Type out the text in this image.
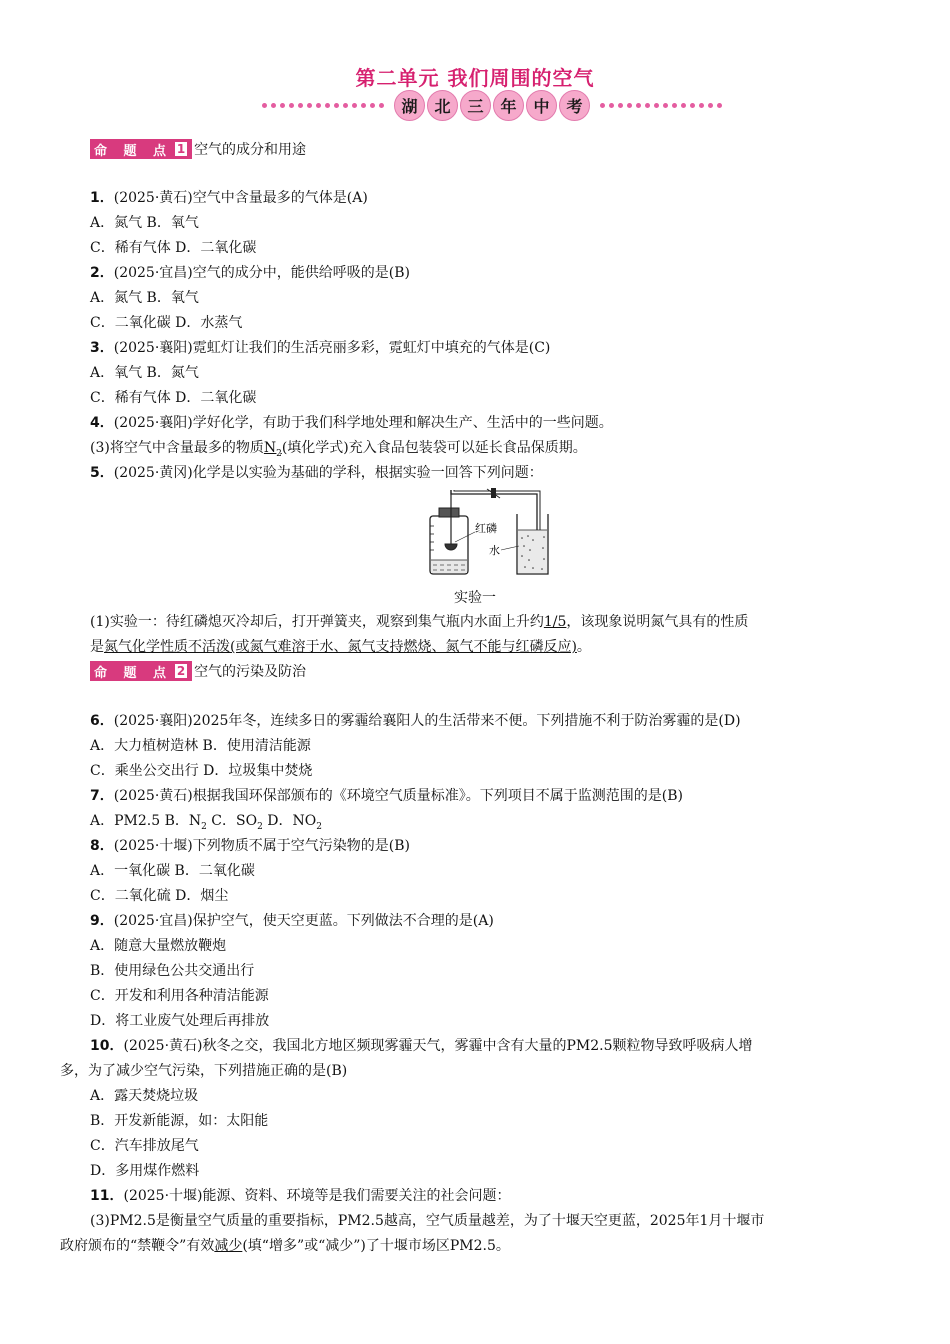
第二单元 我们周围的空气
湖	北	三	年	中	考
命 题 点 1 空气的成分和用途
1．(2025·黄石)空气中含量最多的气体是(A)
A．氮气 B．氧气
C．稀有气体 D．二氧化碳
2．(2025·宜昌)空气的成分中，能供给呼吸的是(B)
A．氮气 B．氧气
C．二氧化碳 D．水蒸气
3．(2025·襄阳)霓虹灯让我们的生活亮丽多彩，霓虹灯中填充的气体是(C)
A．氧气 B．氮气
C．稀有气体 D．二氧化碳
4．(2025·襄阳)学好化学，有助于我们科学地处理和解决生产、生活中的一些问题。
(3)将空气中含量最多的物质$N_2$(填化学式)充入食品包装袋可以延长食品保质期。
5．(2025·黄冈)化学是以实验为基础的学科，根据实验一回答下列问题：
红磷
水
实验一
(1)实验一：待红磷熄灭冷却后，打开弹簧夹，观察到集气瓶内水面上升约1/5，该现象说明氮气具有的性质
是氮气化学性质不活泼(或氮气难溶于水、氮气支持燃烧、氮气不能与红磷反应)。
命 题 点 2 空气的污染及防治
6．(2025·襄阳)2025年冬，连续多日的雾霾给襄阳人的生活带来不便。下列措施不利于防治雾霾的是(D)
A．大力植树造林 B．使用清洁能源
C．乘坐公交出行 D．垃圾集中焚烧
7．(2025·黄石)根据我国环保部颁布的《环境空气质量标准》。下列项目不属于监测范围的是(B)
A．PM2.5 B．$N_2$ C．$SO_2$ D．$NO_2$
8．(2025·十堰)下列物质不属于空气污染物的是(B)
A．一氧化碳 B．二氧化碳
C．二氧化硫 D．烟尘
9．(2025·宜昌)保护空气，使天空更蓝。下列做法不合理的是(A)
A．随意大量燃放鞭炮
B．使用绿色公共交通出行
C．开发和利用各种清洁能源
D．将工业废气处理后再排放
10．(2025·黄石)秋冬之交，我国北方地区频现雾霾天气，雾霾中含有大量的PM2.5颗粒物导致呼吸病人增
多，为了减少空气污染，下列措施正确的是(B)
A．露天焚烧垃圾
B．开发新能源，如：太阳能
C．汽车排放尾气
D．多用煤作燃料
11．(2025·十堰)能源、资料、环境等是我们需要关注的社会问题：
(3)PM2.5是衡量空气质量的重要指标，PM2.5越高，空气质量越差，为了十堰天空更蓝，2025年1月十堰市
政府颁布的“禁鞭令”有效减少(填“增多”或“减少”)了十堰市场区PM2.5。
